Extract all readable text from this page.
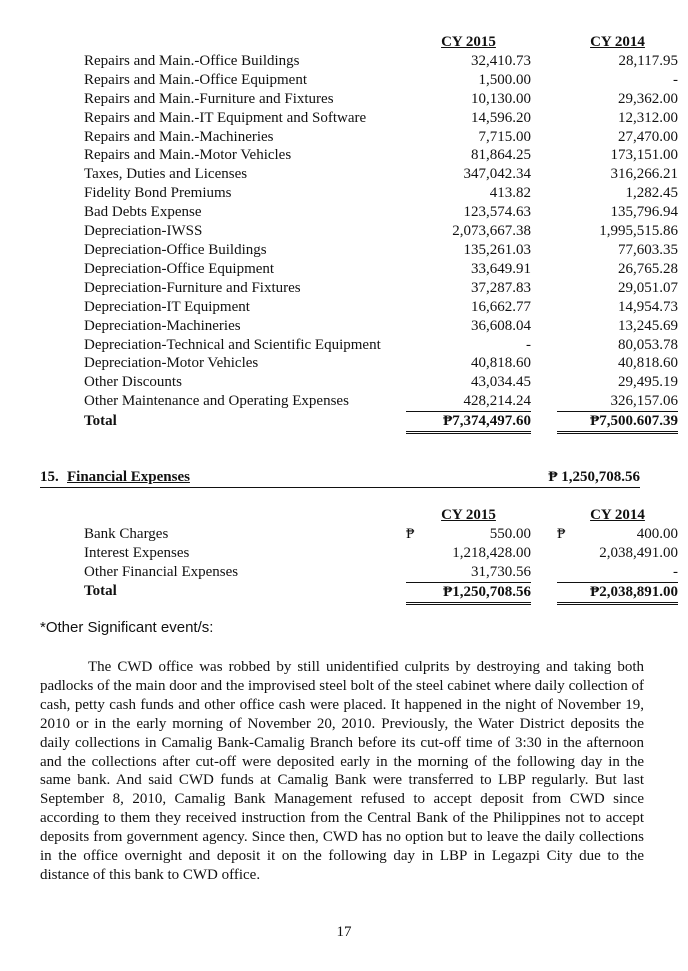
	CY 2015		CY 2014
Repairs and Main.-Office Buildings	32,410.73		28,117.95
Repairs and Main.-Office Equipment	1,500.00		-
Repairs and Main.-Furniture and Fixtures	10,130.00		29,362.00
Repairs and Main.-IT Equipment and Software	14,596.20		12,312.00
Repairs and Main.-Machineries	7,715.00		27,470.00
Repairs and Main.-Motor Vehicles	81,864.25		173,151.00
Taxes, Duties and Licenses	347,042.34		316,266.21
Fidelity Bond Premiums	413.82		1,282.45
Bad Debts Expense	123,574.63		135,796.94
Depreciation-IWSS	2,073,667.38		1,995,515.86
Depreciation-Office Buildings	135,261.03		77,603.35
Depreciation-Office Equipment	33,649.91		26,765.28
Depreciation-Furniture and Fixtures	37,287.83		29,051.07
Depreciation-IT Equipment	16,662.77		14,954.73
Depreciation-Machineries	36,608.04		13,245.69
Depreciation-Technical and Scientific Equipment	-		80,053.78
Depreciation-Motor Vehicles	40,818.60		40,818.60
Other Discounts	43,034.45		29,495.19
Other Maintenance and Operating Expenses	428,214.24		326,157.06
Total	₱7,374,497.60		₱7,500.607.39
15. Financial Expenses	₱ 1,250,708.56
	CY 2015		CY 2014
Bank Charges	₱ 550.00		₱ 400.00

Interest Expenses	1,218,428.00		2,038,491.00

Other Financial Expenses	31,730.56		-

Total	₱1,250,708.56		₱2,038,891.00
*Other Significant event/s:

The CWD office was robbed by still unidentified culprits by destroying and taking both padlocks of the main door and the improvised steel bolt of the steel cabinet where daily collection of cash, petty cash funds and other office cash were placed. It happened in the night of November 19, 2010 or in the early morning of November 20, 2010. Previously, the Water District deposits the daily collections in Camalig Bank-Camalig Branch before its cut-off time of 3:30 in the afternoon and the collections after cut-off were deposited early in the morning of the following day in the same bank. And said CWD funds at Camalig Bank were transferred to LBP regularly. But last September 8, 2010, Camalig Bank Management refused to accept deposit from CWD since according to them they received instruction from the Central Bank of the Philippines not to accept deposits from government agency. Since then, CWD has no option but to leave the daily collections in the office overnight and deposit it on the following day in LBP in Legazpi City due to the distance of this bank to CWD office.

17
